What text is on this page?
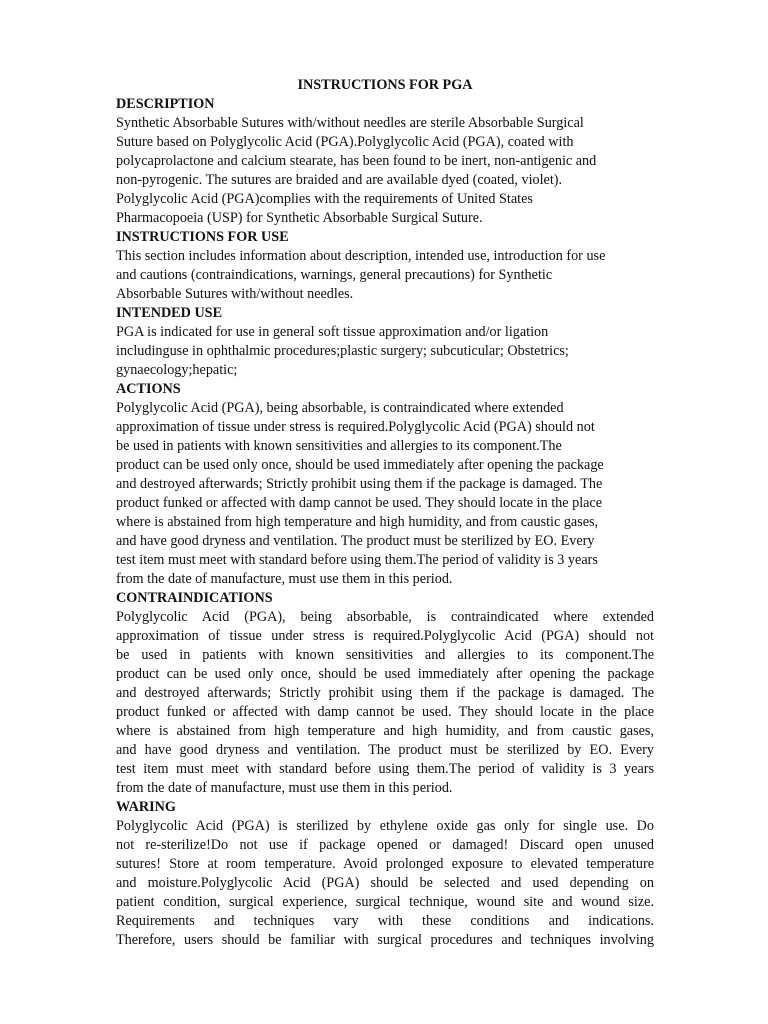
INSTRUCTIONS FOR PGA
DESCRIPTION
Synthetic Absorbable Sutures with/without needles are sterile Absorbable Surgical
Suture based on Polyglycolic Acid (PGA).Polyglycolic Acid (PGA), coated with
polycaprolactone and calcium stearate, has been found to be inert, non-antigenic and
non-pyrogenic. The sutures are braided and are available dyed (coated, violet).
Polyglycolic Acid (PGA)complies with the requirements of United States
Pharmacopoeia (USP) for Synthetic Absorbable Surgical Suture.
INSTRUCTIONS FOR USE
This section includes information about description, intended use, introduction for use
and cautions (contraindications, warnings, general precautions) for Synthetic
Absorbable Sutures with/without needles.
INTENDED USE
PGA is indicated for use in general soft tissue approximation and/or ligation
includinguse in ophthalmic procedures;plastic surgery; subcuticular; Obstetrics;
gynaecology;hepatic;
ACTIONS
Polyglycolic Acid (PGA), being absorbable, is contraindicated where extended
approximation of tissue under stress is required.Polyglycolic Acid (PGA) should not
be used in patients with known sensitivities and allergies to its component.The
product can be used only once, should be used immediately after opening the package
and destroyed afterwards; Strictly prohibit using them if the package is damaged. The
product funked or affected with damp cannot be used. They should locate in the place
where is abstained from high temperature and high humidity, and from caustic gases,
and have good dryness and ventilation. The product must be sterilized by EO. Every
test item must meet with standard before using them.The period of validity is 3 years
from the date of manufacture, must use them in this period.
CONTRAINDICATIONS
Polyglycolic Acid (PGA), being absorbable, is contraindicated where extended
approximation of tissue under stress is required.Polyglycolic Acid (PGA) should not
be used in patients with known sensitivities and allergies to its component.The
product can be used only once, should be used immediately after opening the package
and destroyed afterwards; Strictly prohibit using them if the package is damaged. The
product funked or affected with damp cannot be used. They should locate in the place
where is abstained from high temperature and high humidity, and from caustic gases,
and have good dryness and ventilation. The product must be sterilized by EO. Every
test item must meet with standard before using them.The period of validity is 3 years
from the date of manufacture, must use them in this period.
WARING
Polyglycolic Acid (PGA) is sterilized by ethylene oxide gas only for single use. Do
not re-sterilize!Do not use if package opened or damaged! Discard open unused
sutures! Store at room temperature. Avoid prolonged exposure to elevated temperature
and moisture.Polyglycolic Acid (PGA) should be selected and used depending on
patient condition, surgical experience, surgical technique, wound site and wound size.
Requirements and techniques vary with these conditions and indications.
Therefore, users should be familiar with surgical procedures and techniques involving
